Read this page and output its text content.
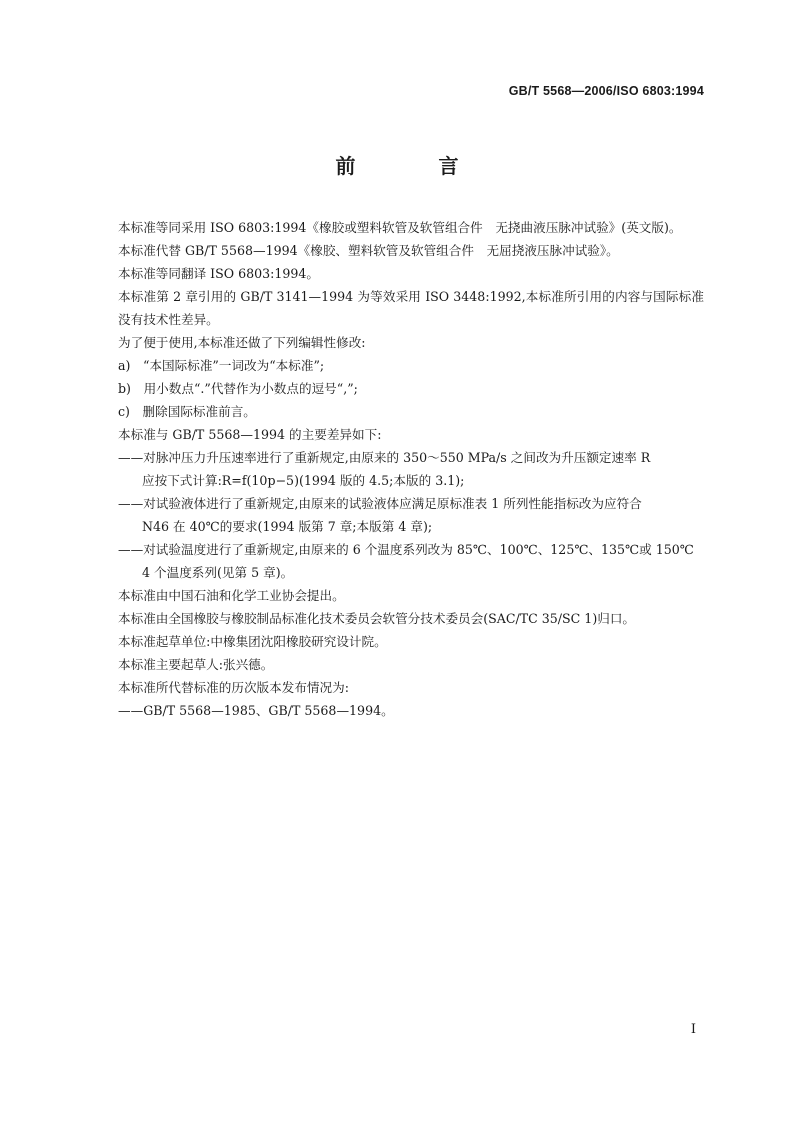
GB/T 5568—2006/ISO 6803:1994
前 言

本标准等同采用 ISO 6803:1994《橡胶或塑料软管及软管组合件　无挠曲液压脉冲试验》(英文版)。

本标准代替 GB/T 5568—1994《橡胶、塑料软管及软管组合件　无屈挠液压脉冲试验》。

本标准等同翻译 ISO 6803:1994。

本标准第 2 章引用的 GB/T 3141—1994 为等效采用 ISO 3448:1992,本标准所引用的内容与国际标准没有技术性差异。

为了便于使用,本标准还做了下列编辑性修改:

a)　“本国际标准”一词改为“本标准”;

b)　用小数点“.”代替作为小数点的逗号“,”;

c)　删除国际标准前言。

本标准与 GB/T 5568—1994 的主要差异如下:

——对脉冲压力升压速率进行了重新规定,由原来的 350～550 MPa/s 之间改为升压额定速率 R

应按下式计算:R=f(10p−5)(1994 版的 4.5;本版的 3.1);

——对试验液体进行了重新规定,由原来的试验液体应满足原标准表 1 所列性能指标改为应符合

N46 在 40℃的要求(1994 版第 7 章;本版第 4 章);

——对试验温度进行了重新规定,由原来的 6 个温度系列改为 85℃、100℃、125℃、135℃或 150℃

4 个温度系列(见第 5 章)。

本标准由中国石油和化学工业协会提出。

本标准由全国橡胶与橡胶制品标准化技术委员会软管分技术委员会(SAC/TC 35/SC 1)归口。

本标准起草单位:中橡集团沈阳橡胶研究设计院。

本标准主要起草人:张兴德。

本标准所代替标准的历次版本发布情况为:

——GB/T 5568—1985、GB/T 5568—1994。

I
